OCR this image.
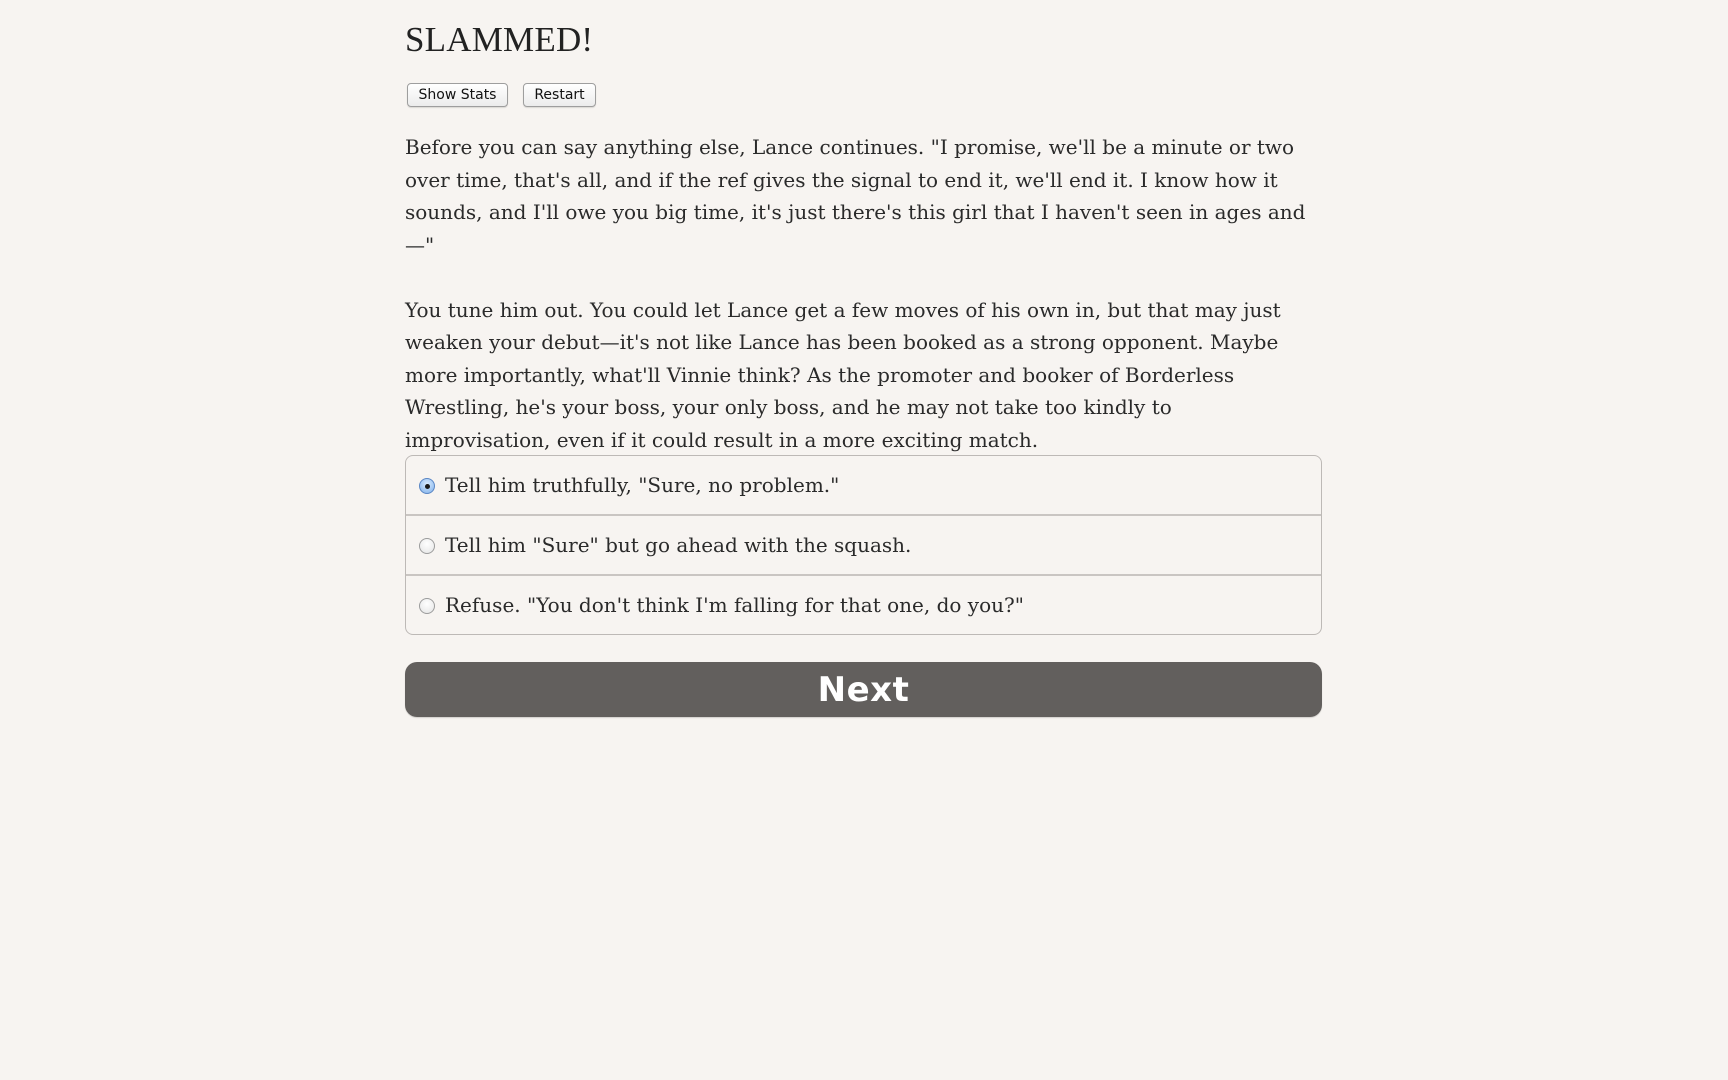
SLAMMED!
Show Stats	Restart

Before you can say anything else, Lance continues. "I promise, we'll be a minute or two over time, that's all, and if the ref gives the signal to end it, we'll end it. I know how it sounds, and I'll owe you big time, it's just there's this girl that I haven't seen in ages and—"

You tune him out. You could let Lance get a few moves of his own in, but that may just weaken your debut—it's not like Lance has been booked as a strong opponent. Maybe more importantly, what'll Vinnie think? As the promoter and booker of Borderless Wrestling, he's your boss, your only boss, and he may not take too kindly to improvisation, even if it could result in a more exciting match.

Tell him truthfully, "Sure, no problem."
Tell him "Sure" but go ahead with the squash.
Refuse. "You don't think I'm falling for that one, do you?"
Next
